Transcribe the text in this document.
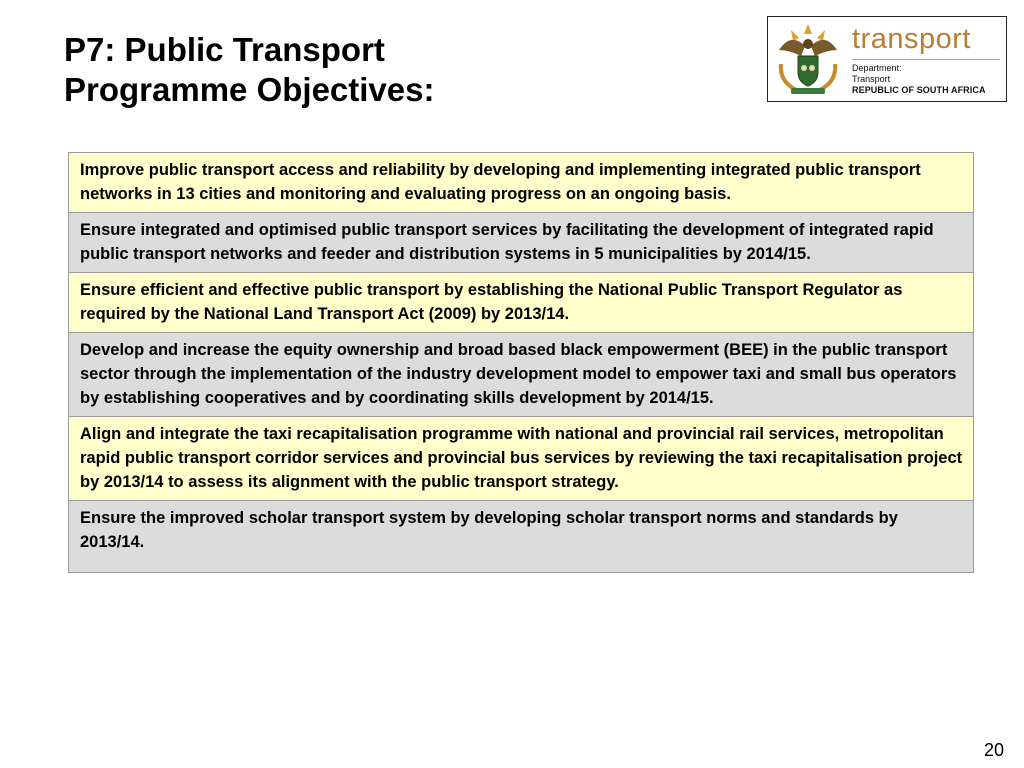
P7: Public Transport
Programme Objectives:
transport
Department:
Transport
REPUBLIC OF SOUTH AFRICA
Improve public transport access and reliability by developing and implementing integrated public transport networks in 13 cities and monitoring and evaluating progress on an ongoing basis.
Ensure integrated and optimised public transport services by facilitating the development of integrated rapid public transport networks and feeder and distribution systems in 5 municipalities by 2014/15.
Ensure efficient and effective public transport by establishing the National Public Transport Regulator as required by the National Land Transport Act (2009) by 2013/14.
Develop and increase the equity ownership and broad based black empowerment (BEE) in the public transport sector through the implementation of the industry development model to empower taxi and small bus operators by establishing cooperatives and by coordinating skills development by 2014/15.
Align and integrate the taxi recapitalisation programme with national and provincial rail services, metropolitan rapid public transport corridor services and provincial bus services by reviewing the taxi recapitalisation project by 2013/14 to assess its alignment with the public transport strategy.
Ensure the improved scholar transport system by developing scholar transport norms and standards by 2013/14.
20
